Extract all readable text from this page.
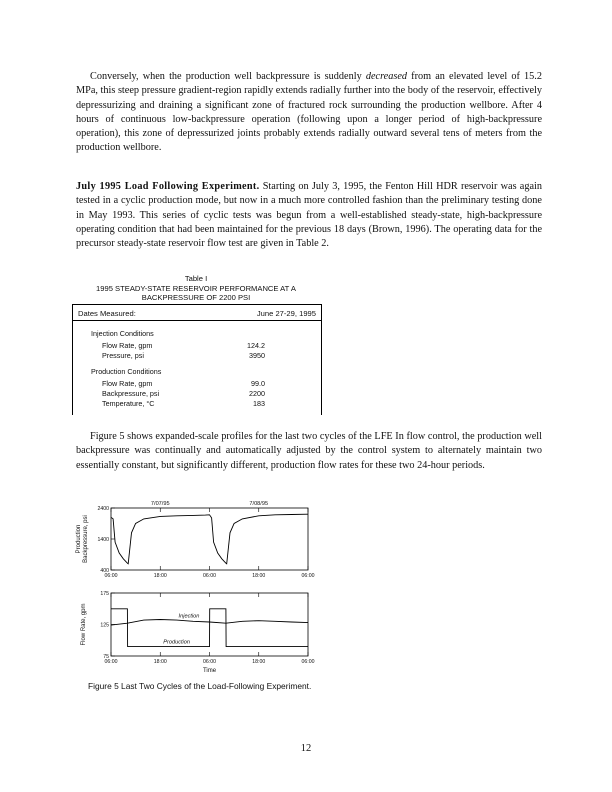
Conversely, when the production well backpressure is suddenly decreased from an elevated level of 15.2 MPa, this steep pressure gradient-region rapidly extends radially further into the body of the reservoir, effectively depressurizing and draining a significant zone of fractured rock surrounding the production wellbore. After 4 hours of continuous low-backpressure operation (following upon a longer period of high-backpressure operation), this zone of depressurized joints probably extends radially outward several tens of meters from the production wellbore.

July 1995 Load Following Experiment. Starting on July 3, 1995, the Fenton Hill HDR reservoir was again tested in a cyclic production mode, but now in a much more controlled fashion than the preliminary testing done in May 1993. This series of cyclic tests was begun from a well-established steady-state, high-backpressure operating condition that had been maintained for the previous 18 days (Brown, 1996). The operating data for the precursor steady-state reservoir flow test are given in Table 2.

Table I
1995 STEADY-STATE RESERVOIR PERFORMANCE AT A
BACKPRESSURE OF 2200 PSI
Dates Measured:	June 27-29, 1995
Injection Conditions
Flow Rate, gpm	124.2
Pressure, psi	3950
Production Conditions
Flow Rate, gpm	99.0
Backpressure, psi	2200
Temperature, °C	183

Figure 5 shows expanded-scale profiles for the last two cycles of the LFE In flow control, the production well backpressure was continually and automatically adjusted by the control system to alternately maintain two essentially constant, but significantly different, production flow rates for these two 24-hour periods.

400
1400
2400
06:00	18:00	06:00	18:00	06:00
Production Backpressure, psi
7/07/95	7/08/95
75
125
175
06:00	18:00	06:00	18:00	06:00
Flow Rate, gpm	Injection
Production
Time
Figure 5 Last Two Cycles of the Load-Following Experiment.
12
